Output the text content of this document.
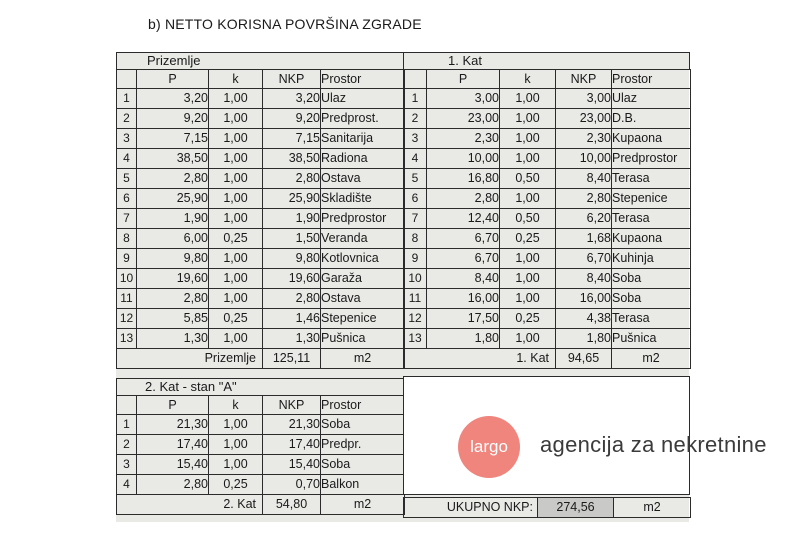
b) NETTO KORISNA POVRŠINA ZGRADE
Prizemlje
	P	k	NKP	Prostor
1	3,20	1,00	3,20	Ulaz
2	9,20	1,00	9,20	Predprost.
3	7,15	1,00	7,15	Sanitarija
4	38,50	1,00	38,50	Radiona
5	2,80	1,00	2,80	Ostava
6	25,90	1,00	25,90	Skladište
7	1,90	1,00	1,90	Predprostor
8	6,00	0,25	1,50	Veranda
9	9,80	1,00	9,80	Kotlovnica
10	19,60	1,00	19,60	Garaža
11	2,80	1,00	2,80	Ostava
12	5,85	0,25	1,46	Stepenice
13	1,30	1,00	1,30	Pušnica
Prizemlje			125,11	m2
1. Kat
	P	k	NKP	Prostor
1	3,00	1,00	3,00	Ulaz
2	23,00	1,00	23,00	D.B.
3	2,30	1,00	2,30	Kupaona
4	10,00	1,00	10,00	Predprostor
5	16,80	0,50	8,40	Terasa
6	2,80	1,00	2,80	Stepenice
7	12,40	0,50	6,20	Terasa
8	6,70	0,25	1,68	Kupaona
9	6,70	1,00	6,70	Kuhinja
10	8,40	1,00	8,40	Soba
11	16,00	1,00	16,00	Soba
12	17,50	0,25	4,38	Terasa
13	1,80	1,00	1,80	Pušnica
1. Kat			94,65	m2
2. Kat - stan "A"
	P	k	NKP	Prostor
1	21,30	1,00	21,30	Soba
2	17,40	1,00	17,40	Predpr.
3	15,40	1,00	15,40	Soba
4	2,80	0,25	0,70	Balkon
2. Kat			54,80	m2
largo	agencija za nekretnine
UKUPNO NKP:	274,56	m2
